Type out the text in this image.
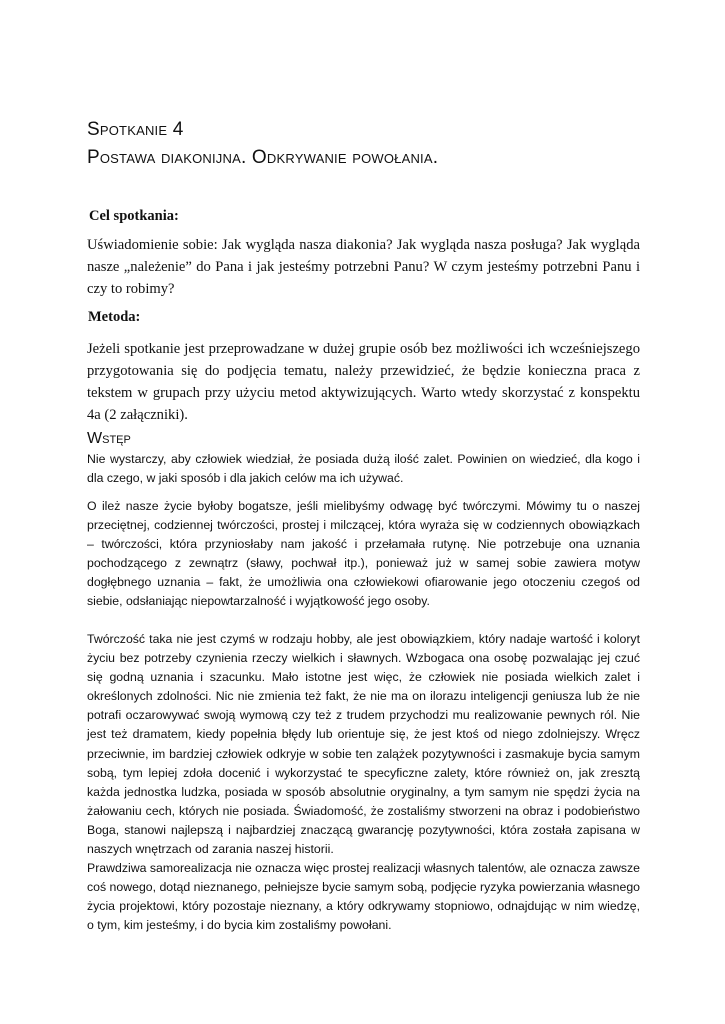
Spotkanie 4
Postawa diakonijna. Odkrywanie powołania.
Cel spotkania:
Uświadomienie sobie: Jak wygląda nasza diakonia? Jak wygląda nasza posługa? Jak wygląda nasze „należenie” do Pana i jak jesteśmy potrzebni Panu? W czym jesteśmy potrzebni Panu i czy to robimy?
Metoda:
Jeżeli spotkanie jest przeprowadzane w dużej grupie osób bez możliwości ich wcześniejszego przygotowania się do podjęcia tematu, należy przewidzieć, że będzie konieczna praca z tekstem w grupach przy użyciu metod aktywizujących. Warto wtedy skorzystać z konspektu 4a (2 załączniki).
Wstęp
Nie wystarczy, aby człowiek wiedział, że posiada dużą ilość zalet. Powinien on wiedzieć, dla kogo i dla czego, w jaki sposób i dla jakich celów ma ich używać.
O ileż nasze życie byłoby bogatsze, jeśli mielibyśmy odwagę być twórczymi. Mówimy tu o naszej przeciętnej, codziennej twórczości, prostej i milczącej, która wyraża się w codziennych obowiązkach – twórczości, która przyniosłaby nam jakość i przełamała rutynę. Nie potrzebuje ona uznania pochodzącego z zewnątrz (sławy, pochwał itp.), ponieważ już w samej sobie zawiera motyw dogłębnego uznania – fakt, że umożliwia ona człowiekowi ofiarowanie jego otoczeniu czegoś od siebie, odsłaniając niepowtarzalność i wyjątkowość jego osoby.
Twórczość taka nie jest czymś w rodzaju hobby, ale jest obowiązkiem, który nadaje wartość i koloryt życiu bez potrzeby czynienia rzeczy wielkich i sławnych. Wzbogaca ona osobę pozwalając jej czuć się godną uznania i szacunku. Mało istotne jest więc, że człowiek nie posiada wielkich zalet i określonych zdolności. Nic nie zmienia też fakt, że nie ma on ilorazu inteligencji geniusza lub że nie potrafi oczarowywać swoją wymową czy też z trudem przychodzi mu realizowanie pewnych ról. Nie jest też dramatem, kiedy popełnia błędy lub orientuje się, że jest ktoś od niego zdolniejszy. Wręcz przeciwnie, im bardziej człowiek odkryje w sobie ten zalążek pozytywności i zasmakuje bycia samym sobą, tym lepiej zdoła docenić i wykorzystać te specyficzne zalety, które również on, jak zresztą każda jednostka ludzka, posiada w sposób absolutnie oryginalny, a tym samym nie spędzi życia na żałowaniu cech, których nie posiada. Świadomość, że zostaliśmy stworzeni na obraz i podobieństwo Boga, stanowi najlepszą i najbardziej znaczącą gwarancję pozytywności, która została zapisana w naszych wnętrzach od zarania naszej historii.
Prawdziwa samorealizacja nie oznacza więc prostej realizacji własnych talentów, ale oznacza zawsze coś nowego, dotąd nieznanego, pełniejsze bycie samym sobą, podjęcie ryzyka powierzania własnego życia projektowi, który pozostaje nieznany, a który odkrywamy stopniowo, odnajdując w nim wiedzę, o tym, kim jesteśmy, i do bycia kim zostaliśmy powołani.
